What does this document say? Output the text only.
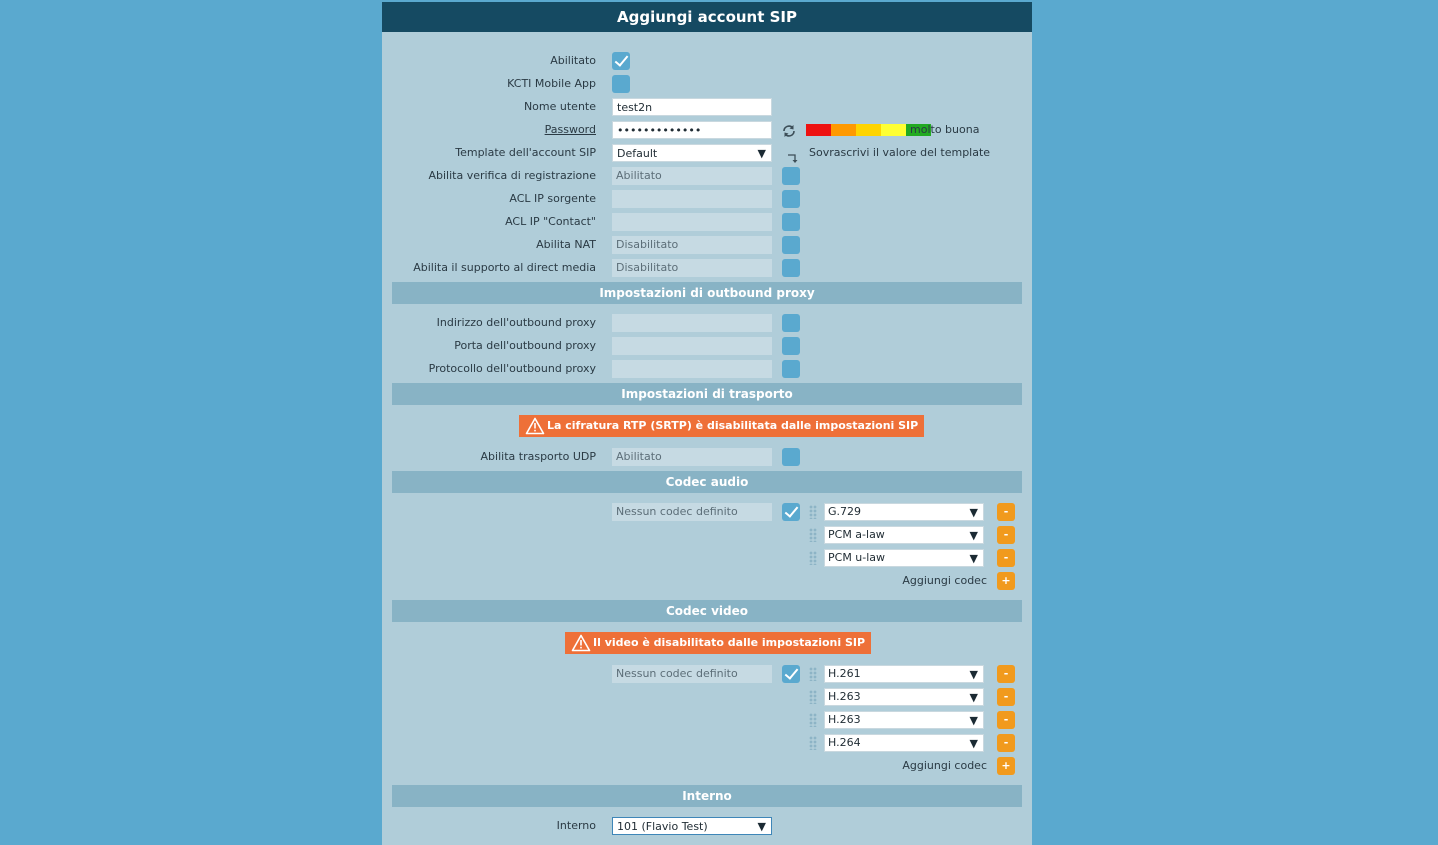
Aggiungi account SIP
Abilitato
KCTI Mobile App
Nome utente	test2n
Password	•••••••••••••	molto buona
Template dell'account SIP	Default	▼	Sovrascrivi il valore del template
Abilita verifica di registrazione	Abilitato
ACL IP sorgente
ACL IP "Contact"
Abilita NAT	Disabilitato
Abilita il supporto al direct media	Disabilitato
Impostazioni di outbound proxy
Indirizzo dell'outbound proxy
Porta dell'outbound proxy
Protocollo dell'outbound proxy
Impostazioni di trasporto
La cifratura RTP (SRTP) è disabilitata dalle impostazioni SIP
Abilita trasporto UDP	Abilitato
Codec audio
Nessun codec definito	G.729	▼	-
PCM a-law	▼	-
PCM u-law	▼	-
Aggiungi codec	+
Codec video
Il video è disabilitato dalle impostazioni SIP
Nessun codec definito	H.261	▼	-
H.263	▼	-
H.263	▼	-
H.264	▼	-
Aggiungi codec	+
Interno
Interno	101 (Flavio Test)	▼
